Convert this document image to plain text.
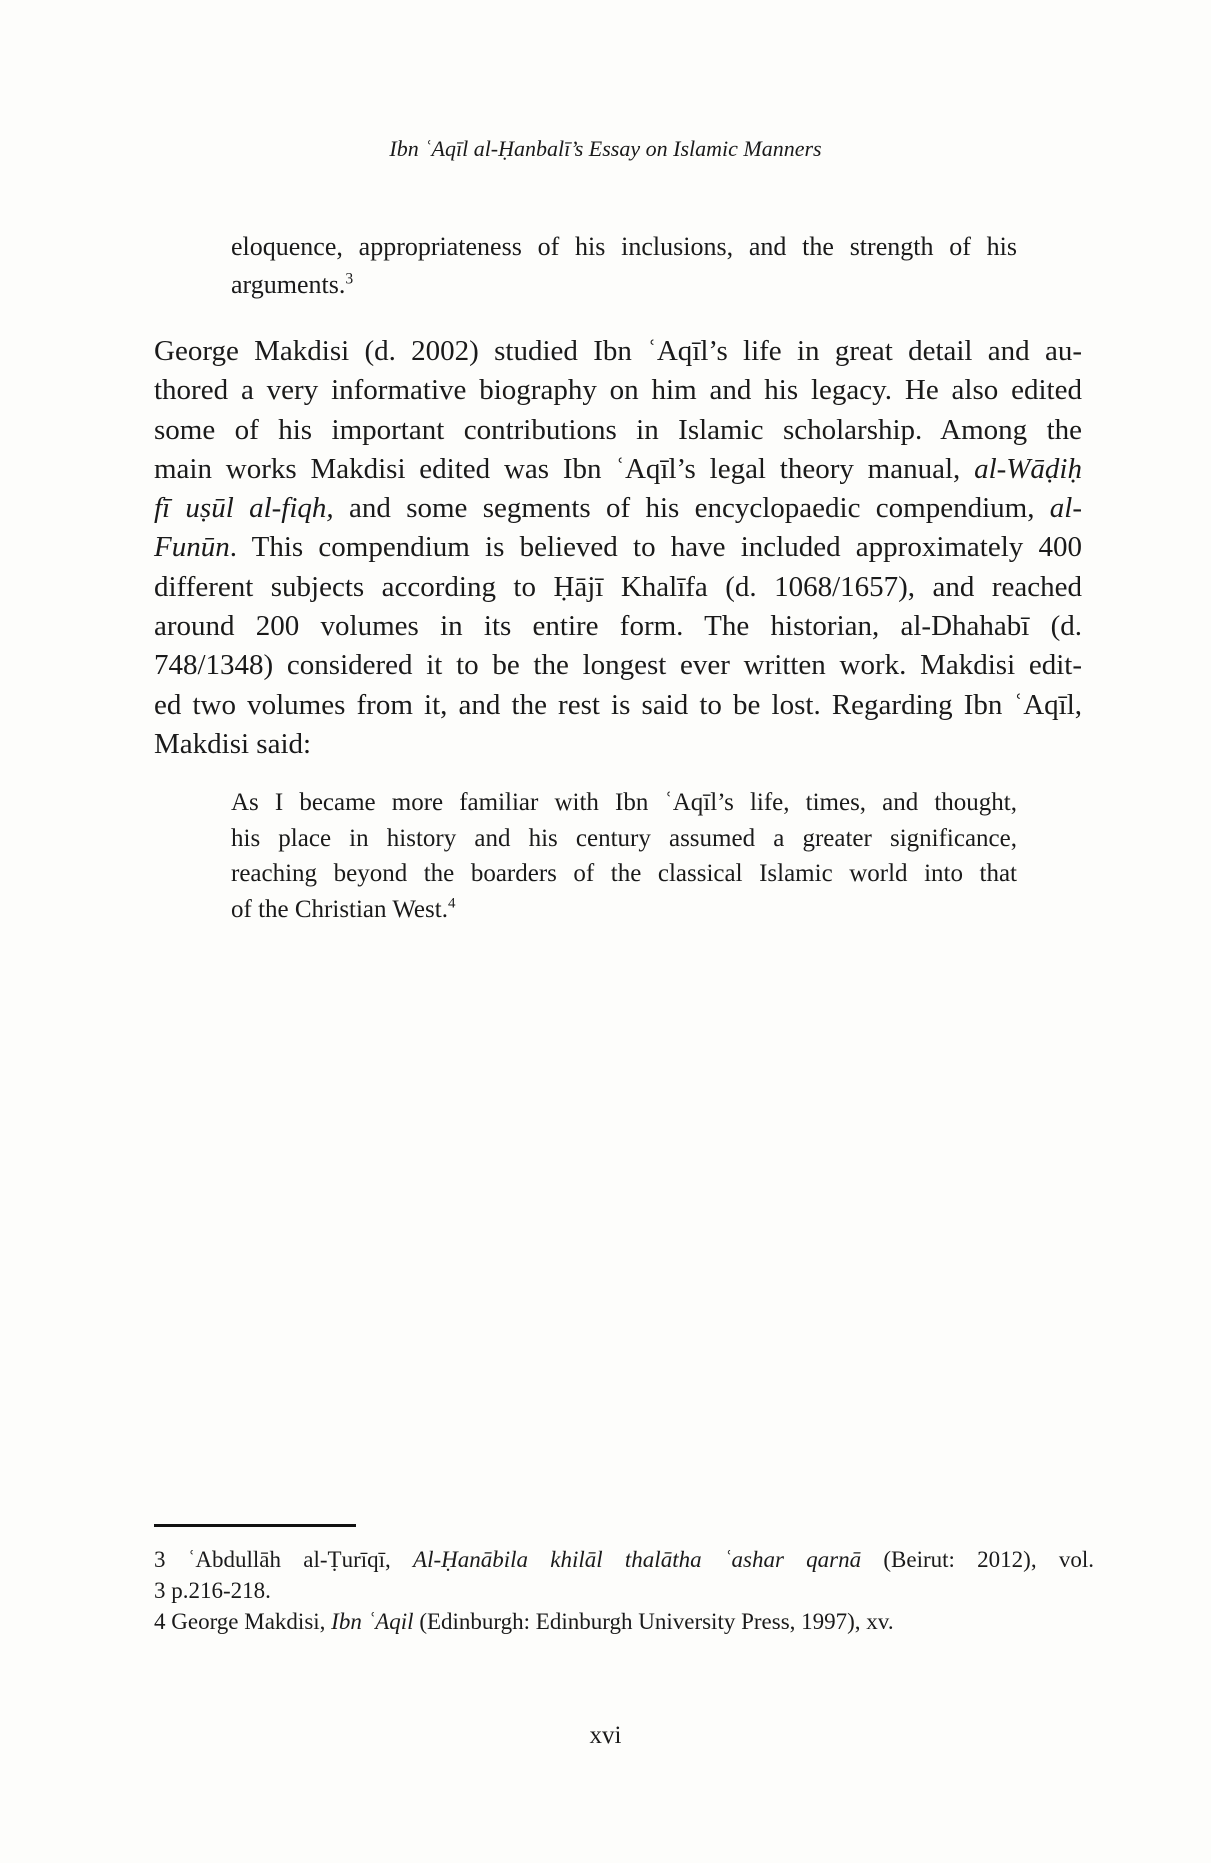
Ibn ʿAqīl al-Ḥanbalī’s Essay on Islamic Manners
eloquence, appropriateness of his inclusions, and the strength of his
arguments.$^3$
George Makdisi (d. 2002) studied Ibn ʿAqīl’s life in great detail and au-
thored a very informative biography on him and his legacy. He also edited
some of his important contributions in Islamic scholarship. Among the
main works Makdisi edited was Ibn ʿAqīl’s legal theory manual, al-Wāḍiḥ
fī uṣūl al-fiqh, and some segments of his encyclopaedic compendium, al-
Funūn. This compendium is believed to have included approximately 400
different subjects according to Ḥājī Khalīfa (d. 1068/1657), and reached
around 200 volumes in its entire form. The historian, al-Dhahabī (d.
748/1348) considered it to be the longest ever written work. Makdisi edit-
ed two volumes from it, and the rest is said to be lost. Regarding Ibn ʿAqīl,
Makdisi said:
As I became more familiar with Ibn ʿAqīl’s life, times, and thought,
his place in history and his century assumed a greater significance,
reaching beyond the boarders of the classical Islamic world into that
of the Christian West.$^4$
3 ʿAbdullāh al-Ṭurīqī, Al-Ḥanābila khilāl thalātha ʿashar qarnā (Beirut: 2012), vol.
3 p.216-218.
4 George Makdisi, Ibn ʿAqil (Edinburgh: Edinburgh University Press, 1997), xv.
xvi
